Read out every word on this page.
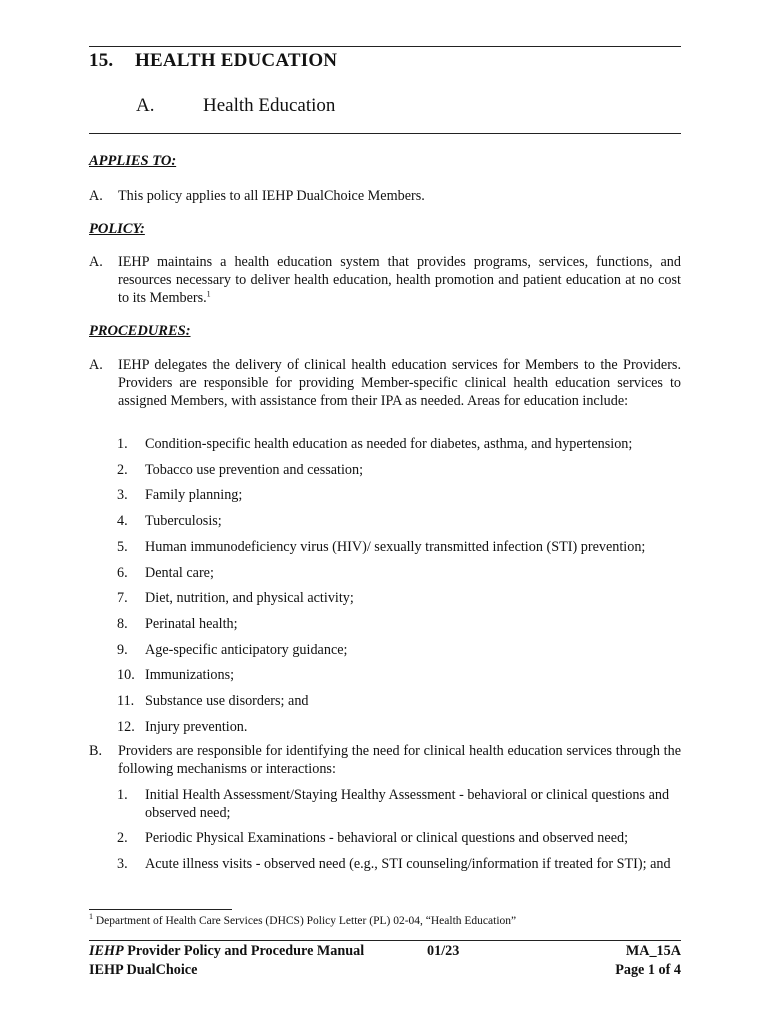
15. HEALTH EDUCATION
A.	Health Education
APPLIES TO:
A. This policy applies to all IEHP DualChoice Members.
POLICY:
A. IEHP maintains a health education system that provides programs, services, functions, and resources necessary to deliver health education, health promotion and patient education at no cost to its Members.$^1$
PROCEDURES:
A. IEHP delegates the delivery of clinical health education services for Members to the Providers. Providers are responsible for providing Member-specific clinical health education services to assigned Members, with assistance from their IPA as needed. Areas for education include:
1. Condition-specific health education as needed for diabetes, asthma, and hypertension;
2. Tobacco use prevention and cessation;
3. Family planning;
4. Tuberculosis;
5. Human immunodeficiency virus (HIV)/ sexually transmitted infection (STI) prevention;
6. Dental care;
7. Diet, nutrition, and physical activity;
8. Perinatal health;
9. Age-specific anticipatory guidance;
10. Immunizations;
11. Substance use disorders; and
12. Injury prevention.
B. Providers are responsible for identifying the need for clinical health education services through the following mechanisms or interactions:
1. Initial Health Assessment/Staying Healthy Assessment - behavioral or clinical questions and observed need;
2. Periodic Physical Examinations - behavioral or clinical questions and observed need;
3. Acute illness visits - observed need (e.g., STI counseling/information if treated for STI); and
$^1$ Department of Health Care Services (DHCS) Policy Letter (PL) 02-04, “Health Education”
IEHP Provider Policy and Procedure Manual
IEHP DualChoice
01/23	MA_15A
Page 1 of 4
